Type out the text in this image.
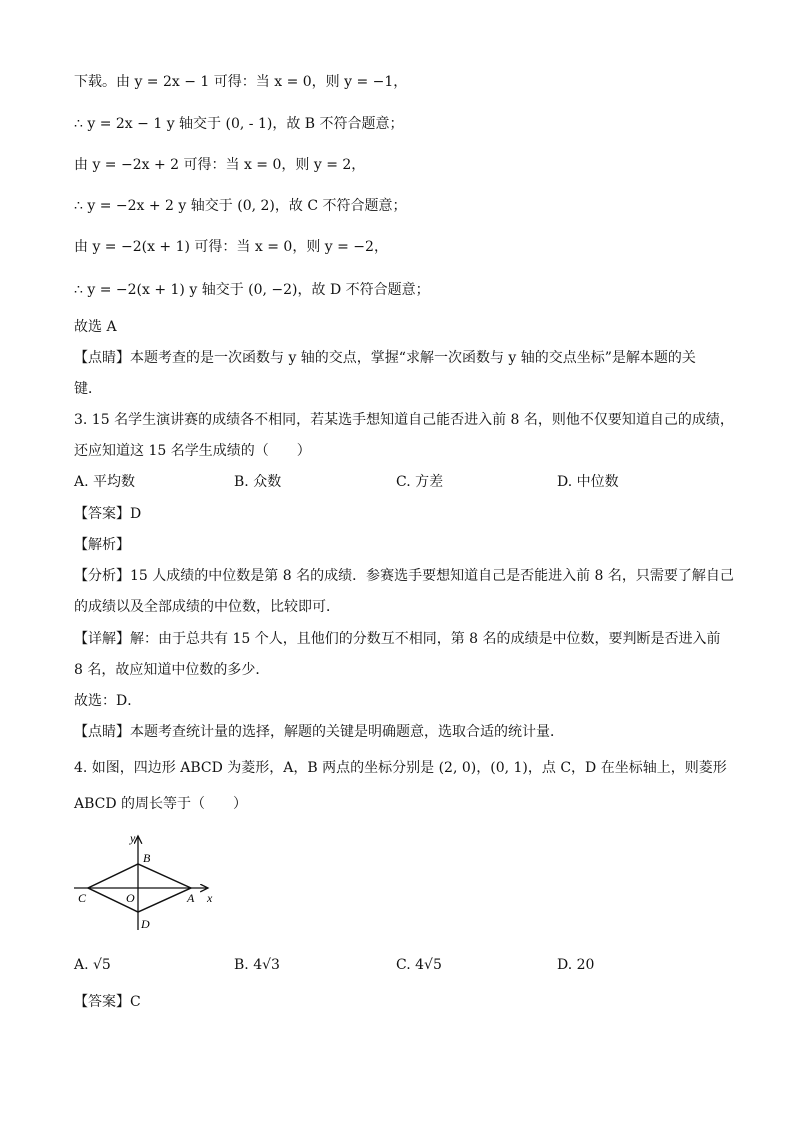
下载。由 y = 2x − 1 可得：当 x = 0，则 y = −1，
∴ y = 2x − 1 y 轴交于 (0, - 1)，故 B 不符合题意；
由 y = −2x + 2 可得：当 x = 0，则 y = 2，
∴ y = −2x + 2 y 轴交于 (0, 2)，故 C 不符合题意；
由 y = −2(x + 1) 可得：当 x = 0，则 y = −2，
∴ y = −2(x + 1) y 轴交于 (0, −2)，故 D 不符合题意；
故选 A
【点睛】本题考查的是一次函数与 y 轴的交点，掌握“求解一次函数与 y 轴的交点坐标”是解本题的关
键．
3. 15 名学生演讲赛的成绩各不相同，若某选手想知道自己能否进入前 8 名，则他不仅要知道自己的成绩，
还应知道这 15 名学生成绩的（　　）
A. 平均数	B. 众数	C. 方差	D. 中位数
【答案】D
【解析】
【分析】15 人成绩的中位数是第 8 名的成绩．参赛选手要想知道自己是否能进入前 8 名，只需要了解自己
的成绩以及全部成绩的中位数，比较即可．
【详解】解：由于总共有 15 个人，且他们的分数互不相同，第 8 名的成绩是中位数，要判断是否进入前
8 名，故应知道中位数的多少．
故选：D．
【点睛】本题考查统计量的选择，解题的关键是明确题意，选取合适的统计量．
4. 如图，四边形 ABCD 为菱形，A，B 两点的坐标分别是 (2, 0)，(0, 1)，点 C，D 在坐标轴上，则菱形
ABCD 的周长等于（　　）
y
B
C	O	A x
D
A. √5	B. 4√3	C. 4√5	D. 20
【答案】C
